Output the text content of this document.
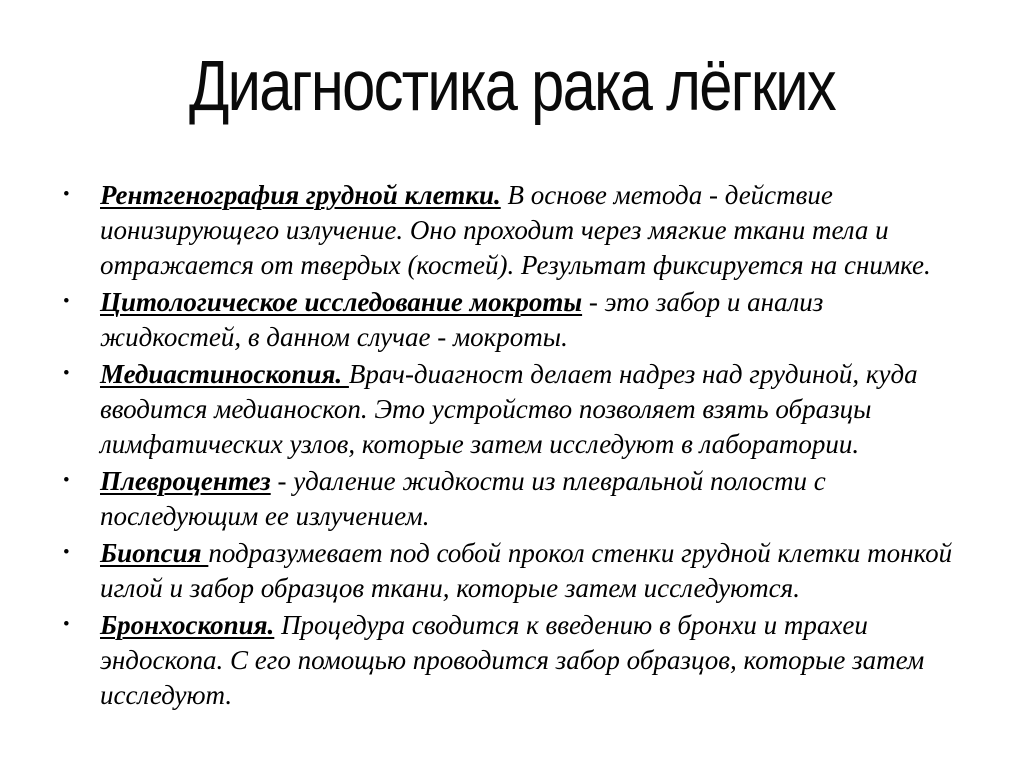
Диагностика рака лёгких
• Рентгенография грудной клетки. В основе метода - действие
ионизирующего излучение. Оно проходит через мягкие ткани тела и
отражается от твердых (костей). Результат фиксируется на снимке.
• Цитологическое исследование мокроты - это забор и анализ
жидкостей, в данном случае - мокроты.
• Медиастиноскопия. Врач-диагност делает надрез над грудиной, куда
вводится медианоскоп. Это устройство позволяет взять образцы
лимфатических узлов, которые затем исследуют в лаборатории.
• Плевроцентез - удаление жидкости из плевральной полости с
последующим ее излучением.
• Биопсия подразумевает под собой прокол стенки грудной клетки тонкой
иглой и забор образцов ткани, которые затем исследуются.
• Бронхоскопия. Процедура сводится к введению в бронхи и трахеи
эндоскопа. С его помощью проводится забор образцов, которые затем
исследуют.
